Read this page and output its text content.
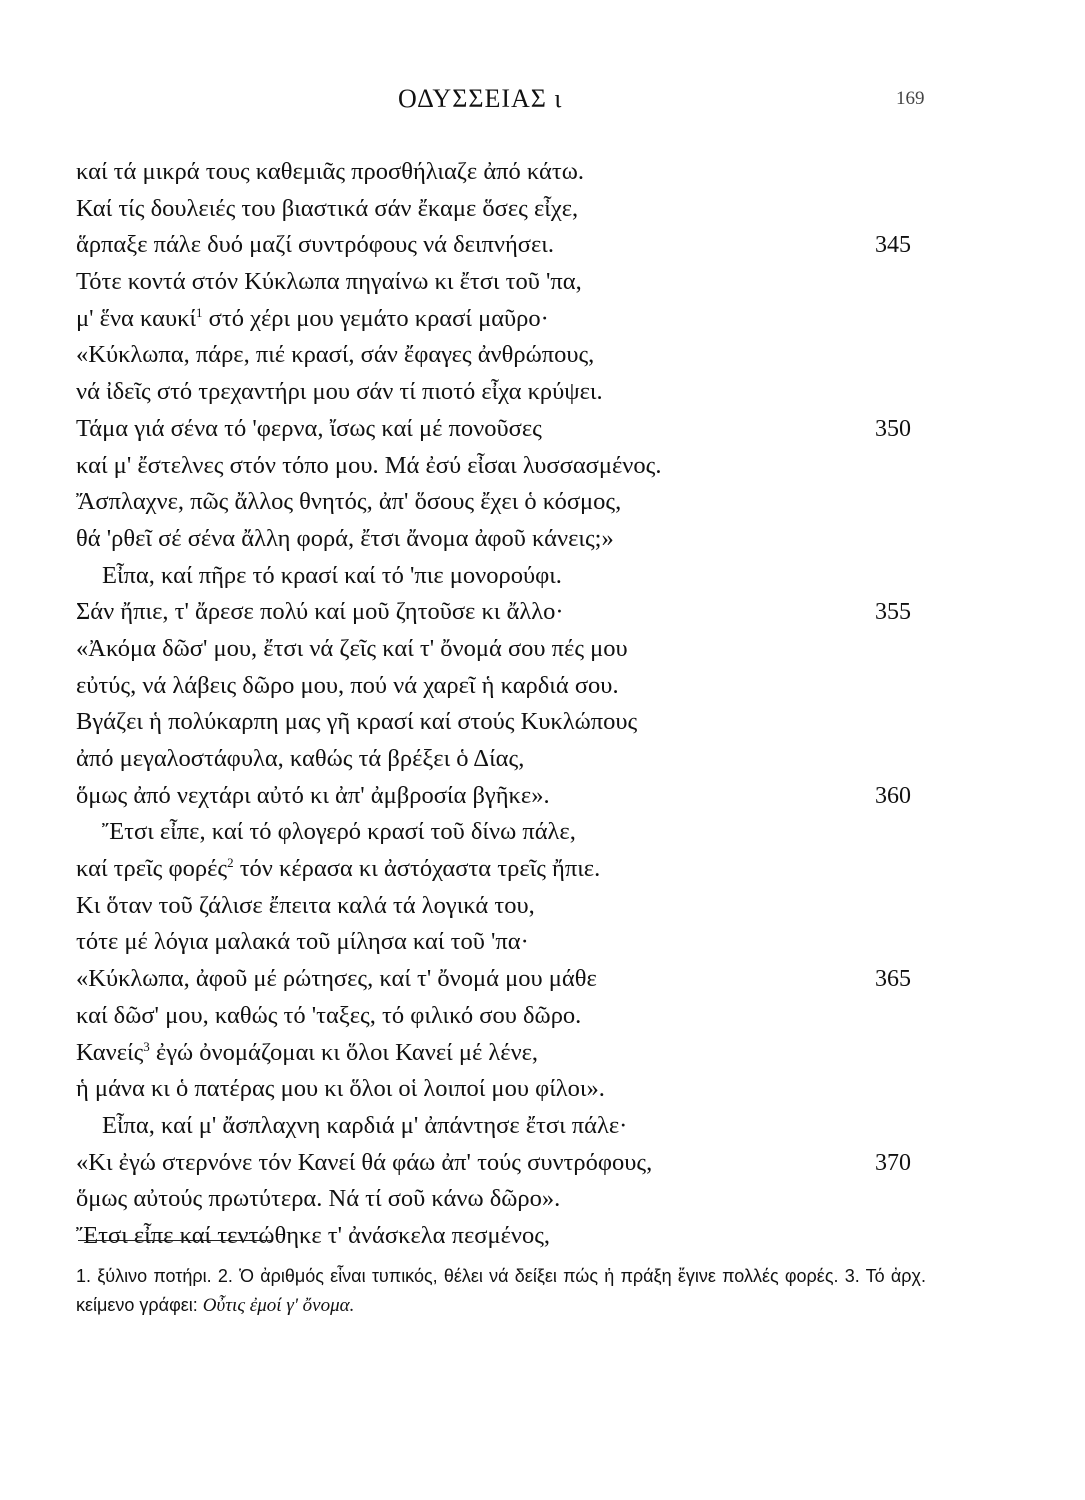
ΟΔΥΣΣΕΙΑΣ ι	169
καί τά μικρά τους καθεμιᾶς προσθήλιαζε ἀπό κάτω.
Καί τίς δουλειές του βιαστικά σάν ἔκαμε ὅσες εἶχε,
ἅρπαξε πάλε δυό μαζί συντρόφους νά δειπνήσει.	345
Τότε κοντά στόν Κύκλωπα πηγαίνω κι ἔτσι τοῦ 'πα,
μ' ἕνα καυκί$^1$ στό χέρι μου γεμάτο κρασί μαῦρο·
«Κύκλωπα, πάρε, πιέ κρασί, σάν ἔφαγες ἀνθρώπους,
νά ἰδεῖς στό τρεχαντήρι μου σάν τί πιοτό εἶχα κρύψει.
Τάμα γιά σένα τό 'φερνα, ἴσως καί μέ πονοῦσες	350
καί μ' ἔστελνες στόν τόπο μου. Μά ἐσύ εἶσαι λυσσασμένος.
Ἄσπλαχνε, πῶς ἄλλος θνητός, ἀπ' ὅσους ἔχει ὁ κόσμος,
θά 'ρθεῖ σέ σένα ἄλλη φορά, ἔτσι ἄνομα ἀφοῦ κάνεις;»
Εἶπα, καί πῆρε τό κρασί καί τό 'πιε μονορούφι.
Σάν ἤπιε, τ' ἄρεσε πολύ καί μοῦ ζητοῦσε κι ἄλλο·	355
«Ἀκόμα δῶσ' μου, ἔτσι νά ζεῖς καί τ' ὄνομά σου πές μου
εὐτύς, νά λάβεις δῶρο μου, πού νά χαρεῖ ἡ καρδιά σου.
Βγάζει ἡ πολύκαρπη μας γῆ κρασί καί στούς Κυκλώπους
ἀπό μεγαλοστάφυλα, καθώς τά βρέξει ὁ Δίας,
ὅμως ἀπό νεχτάρι αὐτό κι ἀπ' ἀμβροσία βγῆκε».	360
Ἔτσι εἶπε, καί τό φλογερό κρασί τοῦ δίνω πάλε,
καί τρεῖς φορές$^2$ τόν κέρασα κι ἀστόχαστα τρεῖς ἤπιε.
Κι ὅταν τοῦ ζάλισε ἔπειτα καλά τά λογικά του,
τότε μέ λόγια μαλακά τοῦ μίλησα καί τοῦ 'πα·
«Κύκλωπα, ἀφοῦ μέ ρώτησες, καί τ' ὄνομά μου μάθε	365
καί δῶσ' μου, καθώς τό 'ταξες, τό φιλικό σου δῶρο.
Κανείς$^3$ ἐγώ ὀνομάζομαι κι ὅλοι Κανεί μέ λένε,
ἡ μάνα κι ὁ πατέρας μου κι ὅλοι οἱ λοιποί μου φίλοι».
Εἶπα, καί μ' ἄσπλαχνη καρδιά μ' ἀπάντησε ἔτσι πάλε·
«Κι ἐγώ στερνόνε τόν Κανεί θά φάω ἀπ' τούς συντρόφους,	370
ὅμως αὐτούς πρωτύτερα. Νά τί σοῦ κάνω δῶρο».
Ἔτσι εἶπε καί τεντώθηκε τ' ἀνάσκελα πεσμένος,
1. ξύλινο ποτήρι. 2. Ὁ ἀριθμός εἶναι τυπικός, θέλει νά δείξει πώς ἡ πράξη ἔγινε πολλές φορές. 3. Τό ἀρχ. κείμενο γράφει: Οὖτις ἐμοί γ' ὄνομα.
